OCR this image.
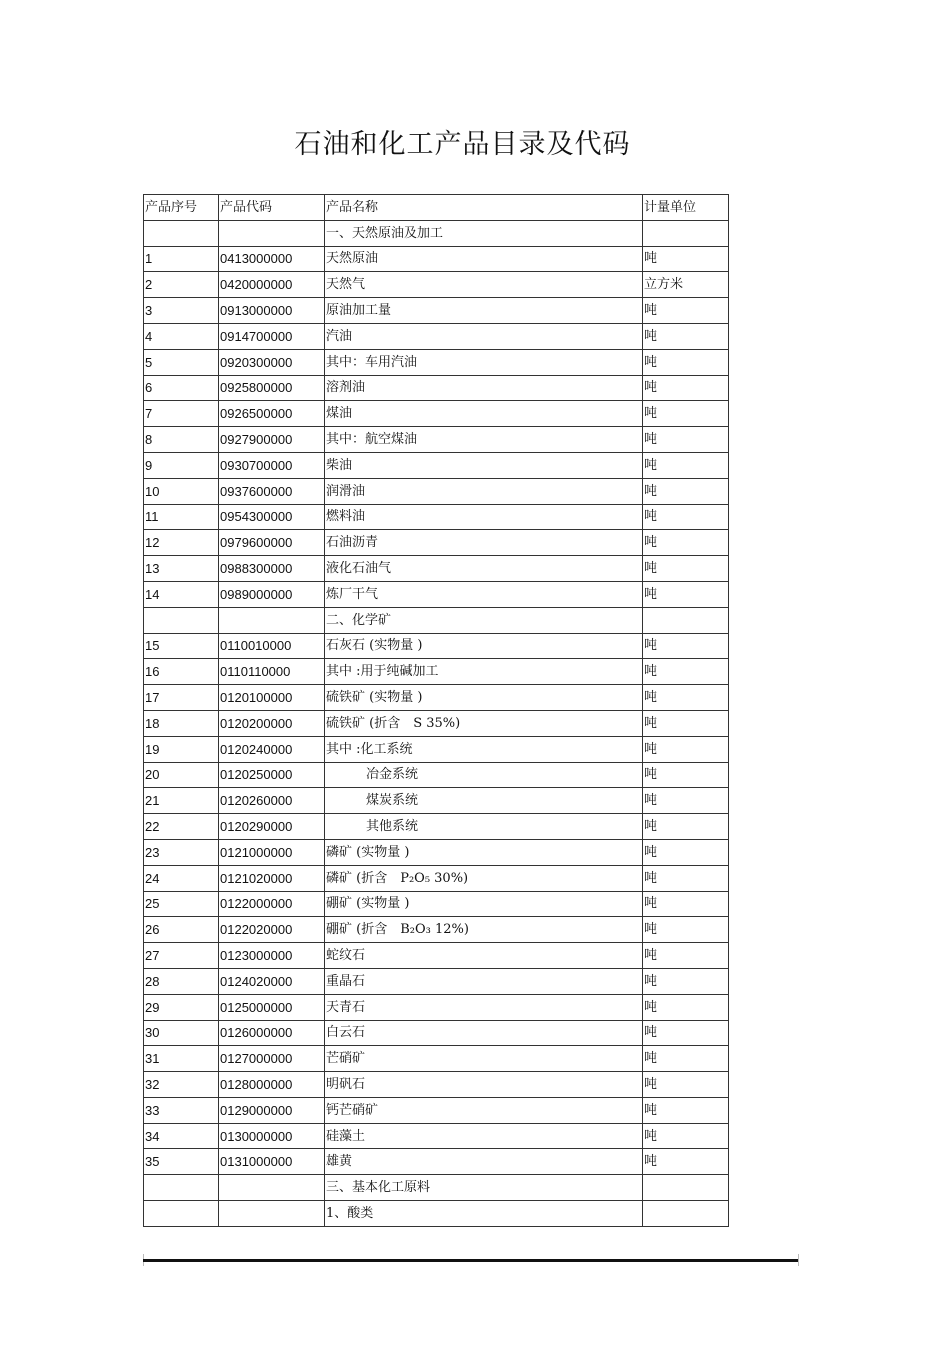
石油和化工产品目录及代码
产品序号	产品代码	产品名称	计量单位
		一、天然原油及加工	
1	0413000000	天然原油	吨
2	0420000000	天然气	立方米
3	0913000000	原油加工量	吨
4	0914700000	汽油	吨
5	0920300000	其中：车用汽油	吨
6	0925800000	溶剂油	吨
7	0926500000	煤油	吨
8	0927900000	其中：航空煤油	吨
9	0930700000	柴油	吨
10	0937600000	润滑油	吨
11	0954300000	燃料油	吨
12	0979600000	石油沥青	吨
13	0988300000	液化石油气	吨
14	0989000000	炼厂干气	吨
		二、化学矿	
15	0110010000	石灰石 (实物量 )	吨
16	0110110000	其中 :用于纯碱加工	吨
17	0120100000	硫铁矿 (实物量 )	吨
18	0120200000	硫铁矿 (折含　S 35%)	吨
19	0120240000	其中 :化工系统	吨
20	0120250000	冶金系统	吨
21	0120260000	煤炭系统	吨
22	0120290000	其他系统	吨
23	0121000000	磷矿 (实物量 )	吨
24	0121020000	磷矿 (折含　P₂O₅ 30%)	吨
25	0122000000	硼矿 (实物量 )	吨
26	0122020000	硼矿 (折含　B₂O₃ 12%)	吨
27	0123000000	蛇纹石	吨
28	0124020000	重晶石	吨
29	0125000000	天青石	吨
30	0126000000	白云石	吨
31	0127000000	芒硝矿	吨
32	0128000000	明矾石	吨
33	0129000000	钙芒硝矿	吨
34	0130000000	硅藻土	吨
35	0131000000	雄黄	吨
		三、基本化工原料	
		1、酸类	
